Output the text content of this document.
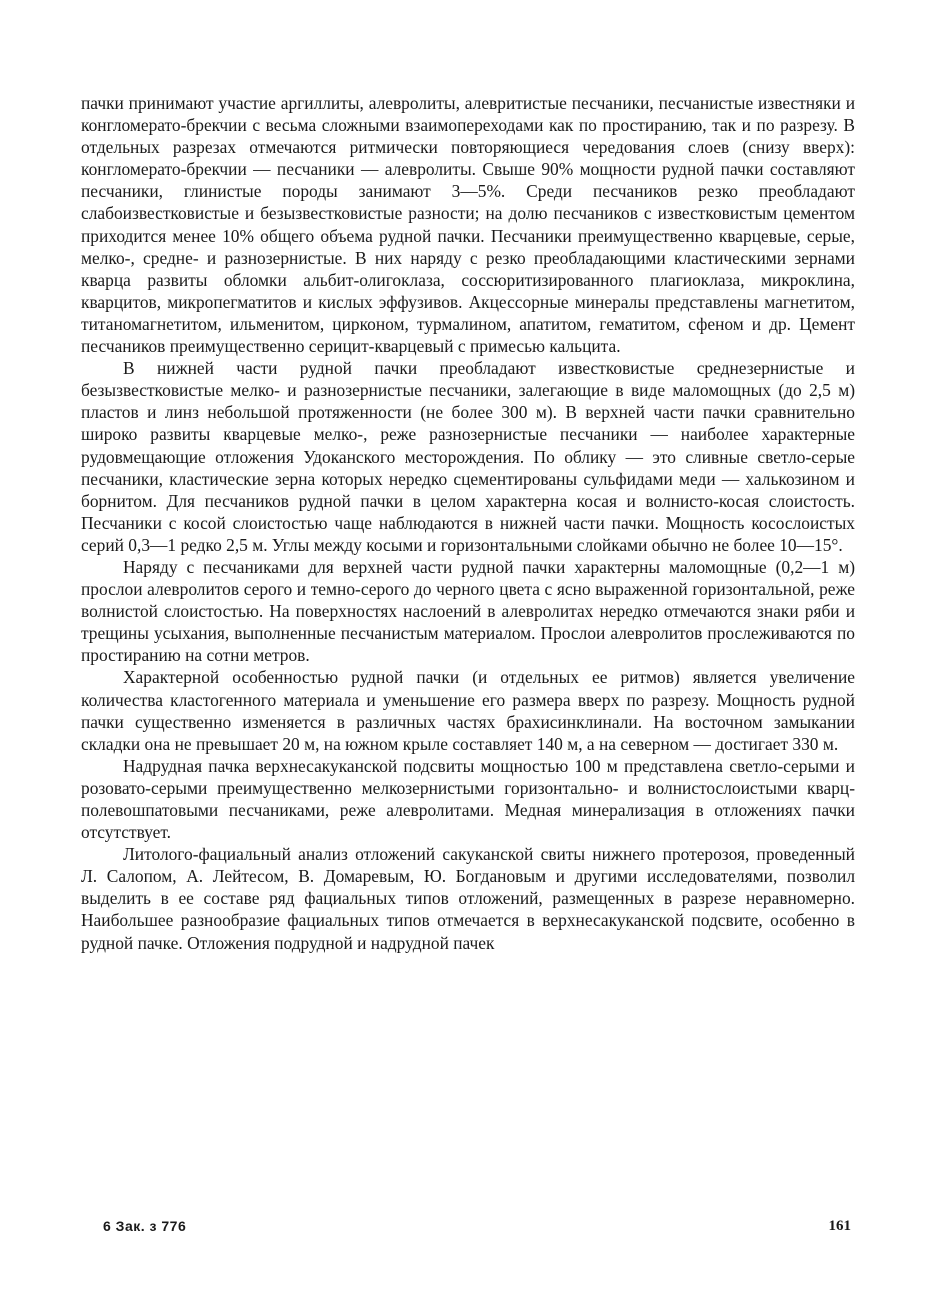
пачки принимают участие аргиллиты, алевролиты, алевритистые песчаники, песчанистые известняки и конгломерато-брекчии с весьма сложными взаимопереходами как по простиранию, так и по разрезу. В отдельных разрезах отмечаются ритмически повторяющиеся чередования слоев (снизу вверх): конгломерато-брекчии — песчаники — алевролиты. Свыше 90% мощности рудной пачки составляют песчаники, глинистые породы занимают 3—5%. Среди песчаников резко преобладают слабоизвестковистые и безызвестковистые разности; на долю песчаников с известковистым цементом приходится менее 10% общего объема рудной пачки. Песчаники преимущественно кварцевые, серые, мелко-, средне- и разнозернистые. В них наряду с резко преобладающими кластическими зернами кварца развиты обломки альбит-олигоклаза, соссюритизированного плагиоклаза, микроклина, кварцитов, микропегматитов и кислых эффузивов. Акцессорные минералы представлены магнетитом, титаномагнетитом, ильменитом, цирконом, турмалином, апатитом, гематитом, сфеном и др. Цемент песчаников преимущественно серицит-кварцевый с примесью кальцита.

В нижней части рудной пачки преобладают известковистые среднезернистые и безызвестковистые мелко- и разнозернистые песчаники, залегающие в виде маломощных (до 2,5 м) пластов и линз небольшой протяженности (не более 300 м). В верхней части пачки сравнительно широко развиты кварцевые мелко-, реже разнозернистые песчаники — наиболее характерные рудовмещающие отложения Удоканского месторождения. По облику — это сливные светло-серые песчаники, кластические зерна которых нередко сцементированы сульфидами меди — халькозином и борнитом. Для песчаников рудной пачки в целом характерна косая и волнисто-косая слоистость. Песчаники с косой слоистостью чаще наблюдаются в нижней части пачки. Мощность косослоистых серий 0,3—1 редко 2,5 м. Углы между косыми и горизонтальными слойками обычно не более 10—15°.

Наряду с песчаниками для верхней части рудной пачки характерны маломощные (0,2—1 м) прослои алевролитов серого и темно-серого до черного цвета с ясно выраженной горизонтальной, реже волнистой слоистостью. На поверхностях наслоений в алевролитах нередко отмечаются знаки ряби и трещины усыхания, выполненные песчанистым материалом. Прослои алевролитов прослеживаются по простиранию на сотни метров.

Характерной особенностью рудной пачки (и отдельных ее ритмов) является увеличение количества кластогенного материала и уменьшение его размера вверх по разрезу. Мощность рудной пачки существенно изменяется в различных частях брахисинклинали. На восточном замыкании складки она не превышает 20 м, на южном крыле составляет 140 м, а на северном — достигает 330 м.

Надрудная пачка верхнесакуканской подсвиты мощностью 100 м представлена светло-серыми и розовато-серыми преимущественно мелкозернистыми горизонтально- и волнистослоистыми кварц-полевошпатовыми песчаниками, реже алевролитами. Медная минерализация в отложениях пачки отсутствует.

Литолого-фациальный анализ отложений сакуканской свиты нижнего протерозоя, проведенный Л. Салопом, А. Лейтесом, В. Домаревым, Ю. Богдановым и другими исследователями, позволил выделить в ее составе ряд фациальных типов отложений, размещенных в разрезе неравномерно. Наибольшее разнообразие фациальных типов отмечается в верхнесакуканской подсвите, особенно в рудной пачке. Отложения подрудной и надрудной пачек

6 Зак. з 776	161
